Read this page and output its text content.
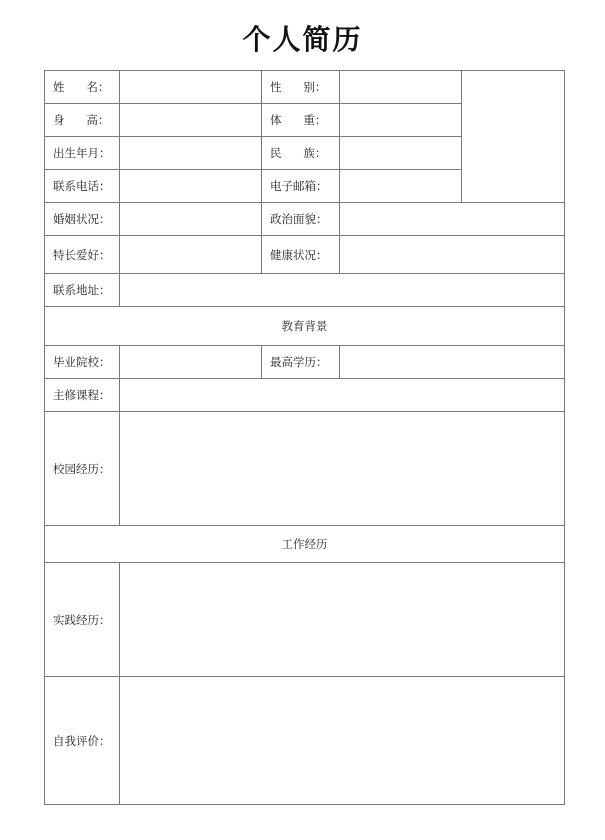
个人简历
姓名：		性别：		
身高：		体重：		
出生年月：		民族：		
联系电话：		电子邮箱：		
婚姻状况：		政治面貌：		
特长爱好：		健康状况：		
联系地址：				
教育背景				
毕业院校：		最高学历：		
主修课程：				
校园经历：				
工作经历				
实践经历：				
自我评价：				
